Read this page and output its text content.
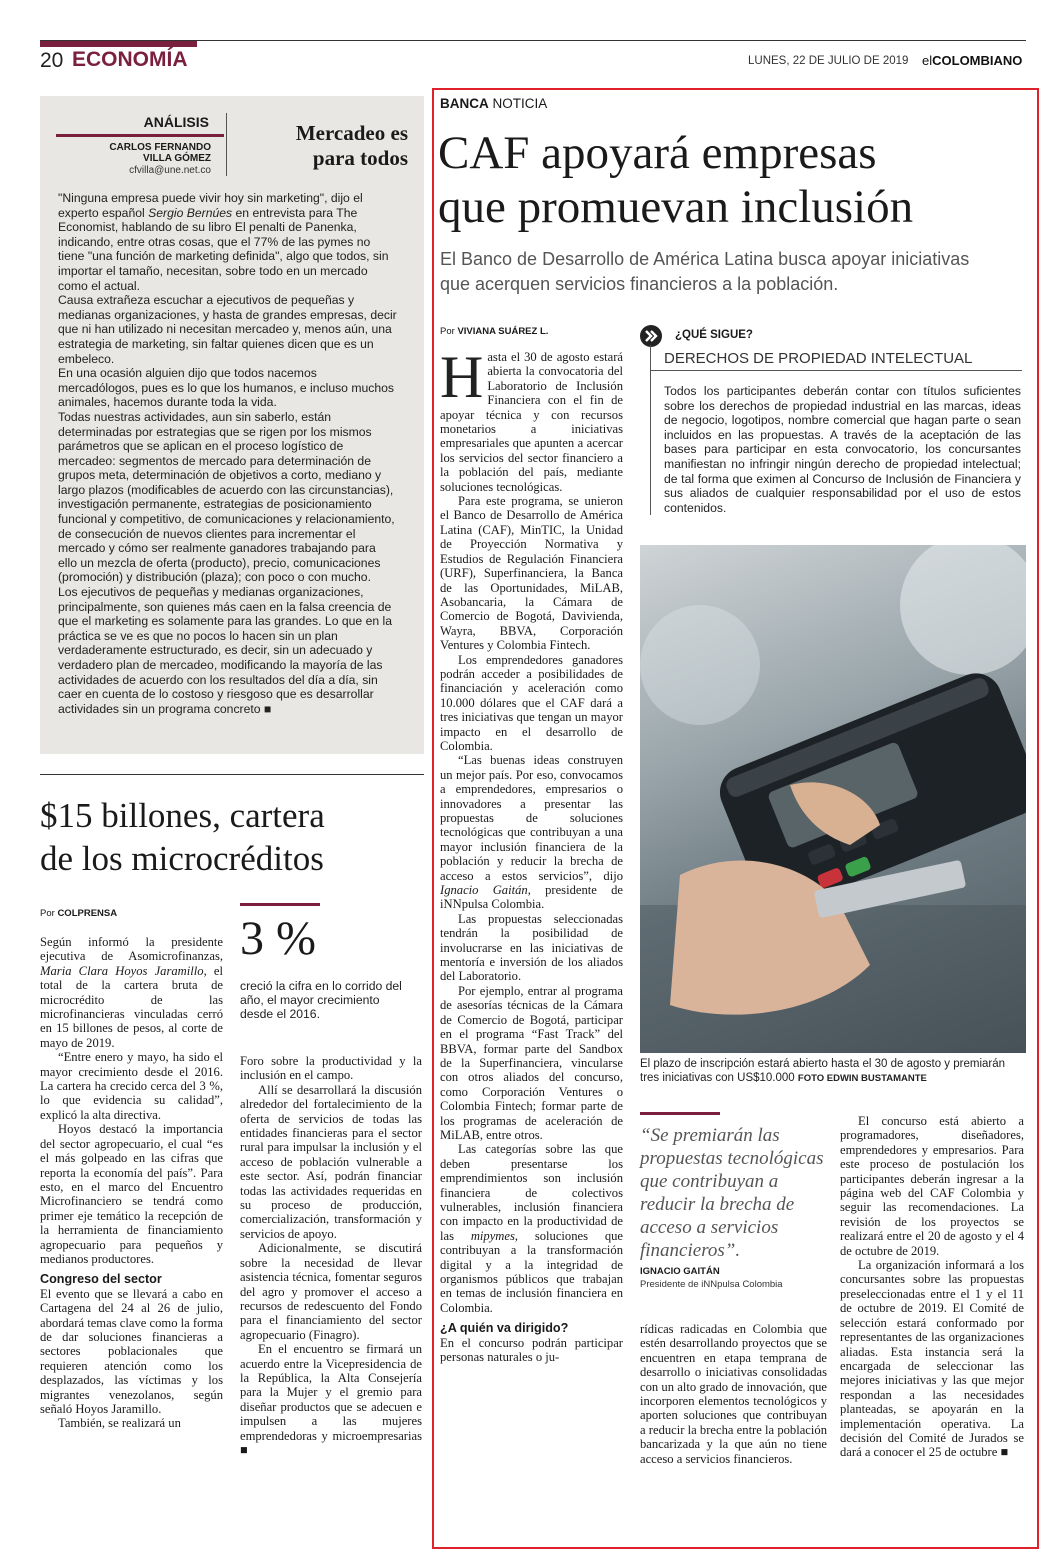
20 ECONOMÍA	LUNES, 22 DE JULIO DE 2019 elCOLOMBIANO
ANÁLISIS
CARLOS FERNANDO
VILLA GÓMEZ
cfvilla@une.net.co
Mercadeo es
para todos

"Ninguna empresa puede vivir hoy sin marketing", dijo el experto español Sergio Bernúes en entrevista para The Economist, hablando de su libro El penalti de Panenka, indicando, entre otras cosas, que el 77% de las pymes no tiene "una función de marketing definida", algo que todos, sin importar el tamaño, necesitan, sobre todo en un mercado como el actual.

Causa extrañeza escuchar a ejecutivos de pequeñas y medianas organizaciones, y hasta de grandes empresas, decir que ni han utilizado ni necesitan mercadeo y, menos aún, una estrategia de marketing, sin faltar quienes dicen que es un embeleco.

En una ocasión alguien dijo que todos nacemos mercadólogos, pues es lo que los humanos, e incluso muchos animales, hacemos durante toda la vida.

Todas nuestras actividades, aun sin saberlo, están determinadas por estrategias que se rigen por los mismos parámetros que se aplican en el proceso logístico de mercadeo: segmentos de mercado para determinación de grupos meta, determinación de objetivos a corto, mediano y largo plazos (modificables de acuerdo con las circunstancias), investigación permanente, estrategias de posicionamiento funcional y competitivo, de comunicaciones y relacionamiento, de consecución de nuevos clientes para incrementar el mercado y cómo ser realmente ganadores trabajando para ello un mezcla de oferta (producto), precio, comunicaciones (promoción) y distribución (plaza); con poco o con mucho.

Los ejecutivos de pequeñas y medianas organizaciones, principalmente, son quienes más caen en la falsa creencia de que el marketing es solamente para las grandes. Lo que en la práctica se ve es que no pocos lo hacen sin un plan verdaderamente estructurado, es decir, sin un adecuado y verdadero plan de mercadeo, modificando la mayoría de las actividades de acuerdo con los resultados del día a día, sin caer en cuenta de lo costoso y riesgoso que es desarrollar actividades sin un programa concreto ■

$15 billones, cartera
de los microcréditos
Por COLPRENSA	3 %
creció la cifra en lo corrido del año, el mayor crecimiento desde el 2016.

Según informó la presidente ejecutiva de Asomicrofinanzas, Maria Clara Hoyos Jaramillo, el total de la cartera bruta de microcrédito de las microfinancieras vinculadas cerró en 15 billones de pesos, al corte de mayo de 2019.

“Entre enero y mayo, ha sido el mayor crecimiento desde el 2016. La cartera ha crecido cerca del 3 %, lo que evidencia su calidad”, explicó la alta directiva.

Hoyos destacó la importancia del sector agropecuario, el cual “es el más golpeado en las cifras que reporta la economía del país”. Para esto, en el marco del Encuentro Microfinanciero se tendrá como primer eje temático la recepción de la herramienta de financiamiento agropecuario para pequeños y medianos productores.

Congreso del sector

El evento que se llevará a cabo en Cartagena del 24 al 26 de julio, abordará temas clave como la forma de dar soluciones financieras a sectores poblacionales que requieren atención como los desplazados, las víctimas y los migrantes venezolanos, según señaló Hoyos Jaramillo.

También, se realizará un

Foro sobre la productividad y la inclusión en el campo.

Allí se desarrollará la discusión alrededor del fortalecimiento de la oferta de servicios de todas las entidades financieras para el sector rural para impulsar la inclusión y el acceso de población vulnerable a este sector. Así, podrán financiar todas las actividades requeridas en su proceso de producción, comercialización, transformación y servicios de apoyo.

Adicionalmente, se discutirá sobre la necesidad de llevar asistencia técnica, fomentar seguros del agro y promover el acceso a recursos de redescuento del Fondo para el financiamiento del sector agropecuario (Finagro).

En el encuentro se firmará un acuerdo entre la Vicepresidencia de la República, la Alta Consejería para la Mujer y el gremio para diseñar productos que se adecuen e impulsen a las mujeres emprendedoras y microempresarias ■

BANCA NOTICIA
CAF apoyará empresas
que promuevan inclusión
El Banco de Desarrollo de América Latina busca apoyar iniciativas que acerquen servicios financieros a la población.
Por VIVIANA SUÁREZ L.

Hasta el 30 de agosto estará abierta la convocatoria del Laboratorio de Inclusión Financiera con el fin de apoyar técnica y con recursos monetarios a iniciativas empresariales que apunten a acercar los servicios del sector financiero a la población del país, mediante soluciones tecnológicas.

Para este programa, se unieron el Banco de Desarrollo de América Latina (CAF), MinTIC, la Unidad de Proyección Normativa y Estudios de Regulación Financiera (URF), Superfinanciera, la Banca de las Oportunidades, MiLAB, Asobancaria, la Cámara de Comercio de Bogotá, Davivienda, Wayra, BBVA, Corporación Ventures y Colombia Fintech.

Los emprendedores ganadores podrán acceder a posibilidades de financiación y aceleración como 10.000 dólares que el CAF dará a tres iniciativas que tengan un mayor impacto en el desarrollo de Colombia.

“Las buenas ideas construyen un mejor país. Por eso, convocamos a emprendedores, empresarios o innovadores a presentar las propuestas de soluciones tecnológicas que contribuyan a una mayor inclusión financiera de la población y reducir la brecha de acceso a estos servicios”, dijo Ignacio Gaitán, presidente de iNNpulsa Colombia.

Las propuestas seleccionadas tendrán la posibilidad de involucrarse en las iniciativas de mentoría e inversión de los aliados del Laboratorio.

Por ejemplo, entrar al programa de asesorías técnicas de la Cámara de Comercio de Bogotá, participar en el programa “Fast Track” del BBVA, formar parte del Sandbox de la Superfinanciera, vincularse con otros aliados del concurso, como Corporación Ventures o Colombia Fintech; formar parte de los programas de aceleración de MiLAB, entre otros.

Las categorías sobre las que deben presentarse los emprendimientos son inclusión financiera de colectivos vulnerables, inclusión financiera con impacto en la productividad de las mipymes, soluciones que contribuyan a la transformación digital y a la integridad de organismos públicos que trabajan en temas de inclusión financiera en Colombia.

¿A quién va dirigido?

En el concurso podrán participar personas naturales o ju-

¿QUÉ SIGUE?
DERECHOS DE PROPIEDAD INTELECTUAL
Todos los participantes deberán contar con títulos suficientes sobre los derechos de propiedad industrial en las marcas, ideas de negocio, logotipos, nombre comercial que hagan parte o sean incluidos en las propuestas. A través de la aceptación de las bases para participar en esta convocatorio, los concursantes manifiestan no infringir ningún derecho de propiedad intelectual; de tal forma que eximen al Concurso de Inclusión de Financiera y sus aliados de cualquier responsabilidad por el uso de estos contenidos.
El plazo de inscripción estará abierto hasta el 30 de agosto y premiarán tres iniciativas con US$10.000 FOTO EDWIN BUSTAMANTE
“Se premiarán las propuestas tecnológicas que contribuyan a reducir la brecha de acceso a servicios financieros”.
IGNACIO GAITÁN
Presidente de iNNpulsa Colombia

rídicas radicadas en Colombia que estén desarrollando proyectos que se encuentren en etapa temprana de desarrollo o iniciativas consolidadas con un alto grado de innovación, que incorporen elementos tecnológicos y aporten soluciones que contribuyan a reducir la brecha entre la población bancarizada y la que aún no tiene acceso a servicios financieros.

El concurso está abierto a programadores, diseñadores, emprendedores y empresarios. Para este proceso de postulación los participantes deberán ingresar a la página web del CAF Colombia y seguir las recomendaciones. La revisión de los proyectos se realizará entre el 20 de agosto y el 4 de octubre de 2019.

La organización informará a los concursantes sobre las propuestas preseleccionadas entre el 1 y el 11 de octubre de 2019. El Comité de selección estará conformado por representantes de las organizaciones aliadas. Esta instancia será la encargada de seleccionar las mejores iniciativas y las que mejor respondan a las necesidades planteadas, se apoyarán en la implementación operativa. La decisión del Comité de Jurados se dará a conocer el 25 de octubre ■
